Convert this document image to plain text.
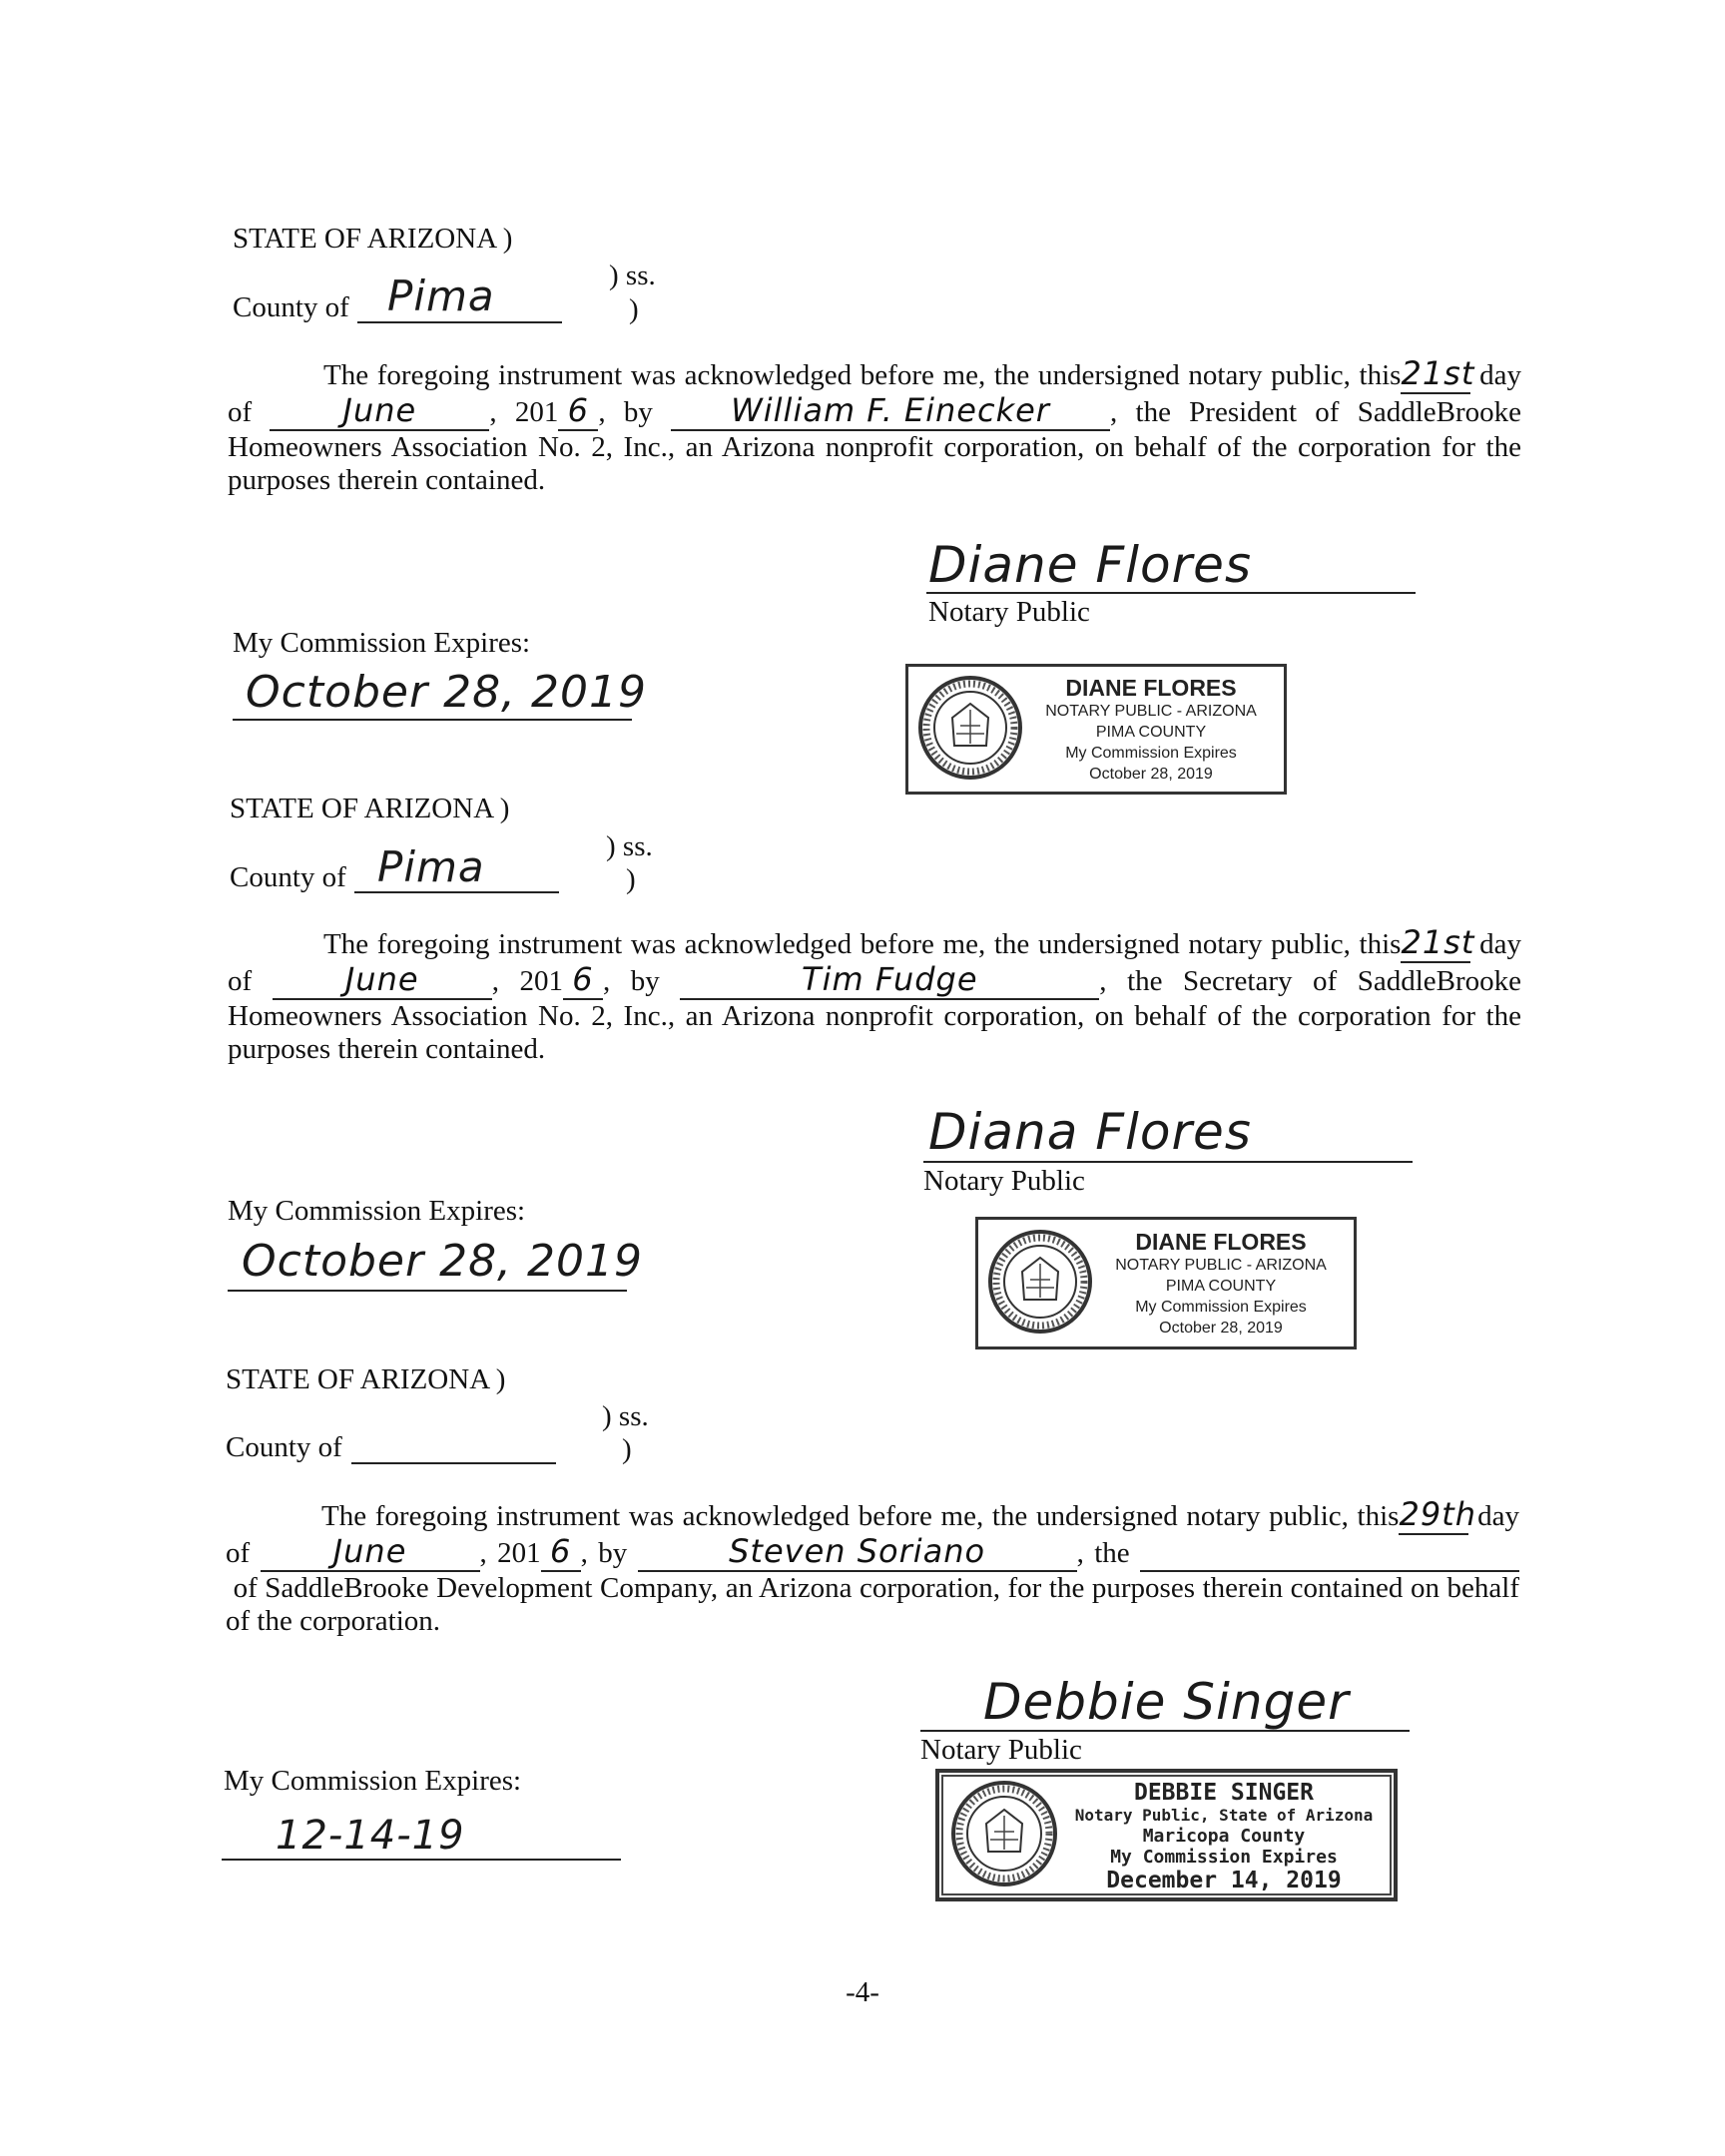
STATE OF ARIZONA )
) ss.
County of Pima	)
The foregoing instrument was acknowledged before me, the undersigned notary public, this21st day of	June	, 201 6 , by William F. Einecker , the President of SaddleBrooke Homeowners Association No. 2, Inc., an Arizona nonprofit corporation, on behalf of the corporation for the purposes therein contained.
Diane Flores
Notary Public
My Commission Expires:
October 28, 2019	DIANE FLORES
NOTARY PUBLIC - ARIZONA
PIMA COUNTY
My Commission Expires
October 28, 2019
STATE OF ARIZONA )
) ss.
County of Pima	)
The foregoing instrument was acknowledged before me, the undersigned notary public, this21st day of	June	, 201 6 , by	Tim Fudge	, the Secretary of SaddleBrooke Homeowners Association No. 2, Inc., an Arizona nonprofit corporation, on behalf of the corporation for the purposes therein contained.
Diana Flores
Notary Public
My Commission Expires:
October 28, 2019	DIANE FLORES
NOTARY PUBLIC - ARIZONA
PIMA COUNTY
My Commission Expires
October 28, 2019
STATE OF ARIZONA )
) ss.
County of	)
The foregoing instrument was acknowledged before me, the undersigned notary public, this29th day of	June	, 201 6 , by	Steven Soriano	, the   of SaddleBrooke Development Company, an Arizona corporation, for the purposes therein contained on behalf of the corporation.
Debbie Singer
Notary Public
My Commission Expires:
12-14-19
DEBBIE SINGER
Notary Public, State of Arizona
Maricopa County
My Commission Expires
December 14, 2019
-4-
